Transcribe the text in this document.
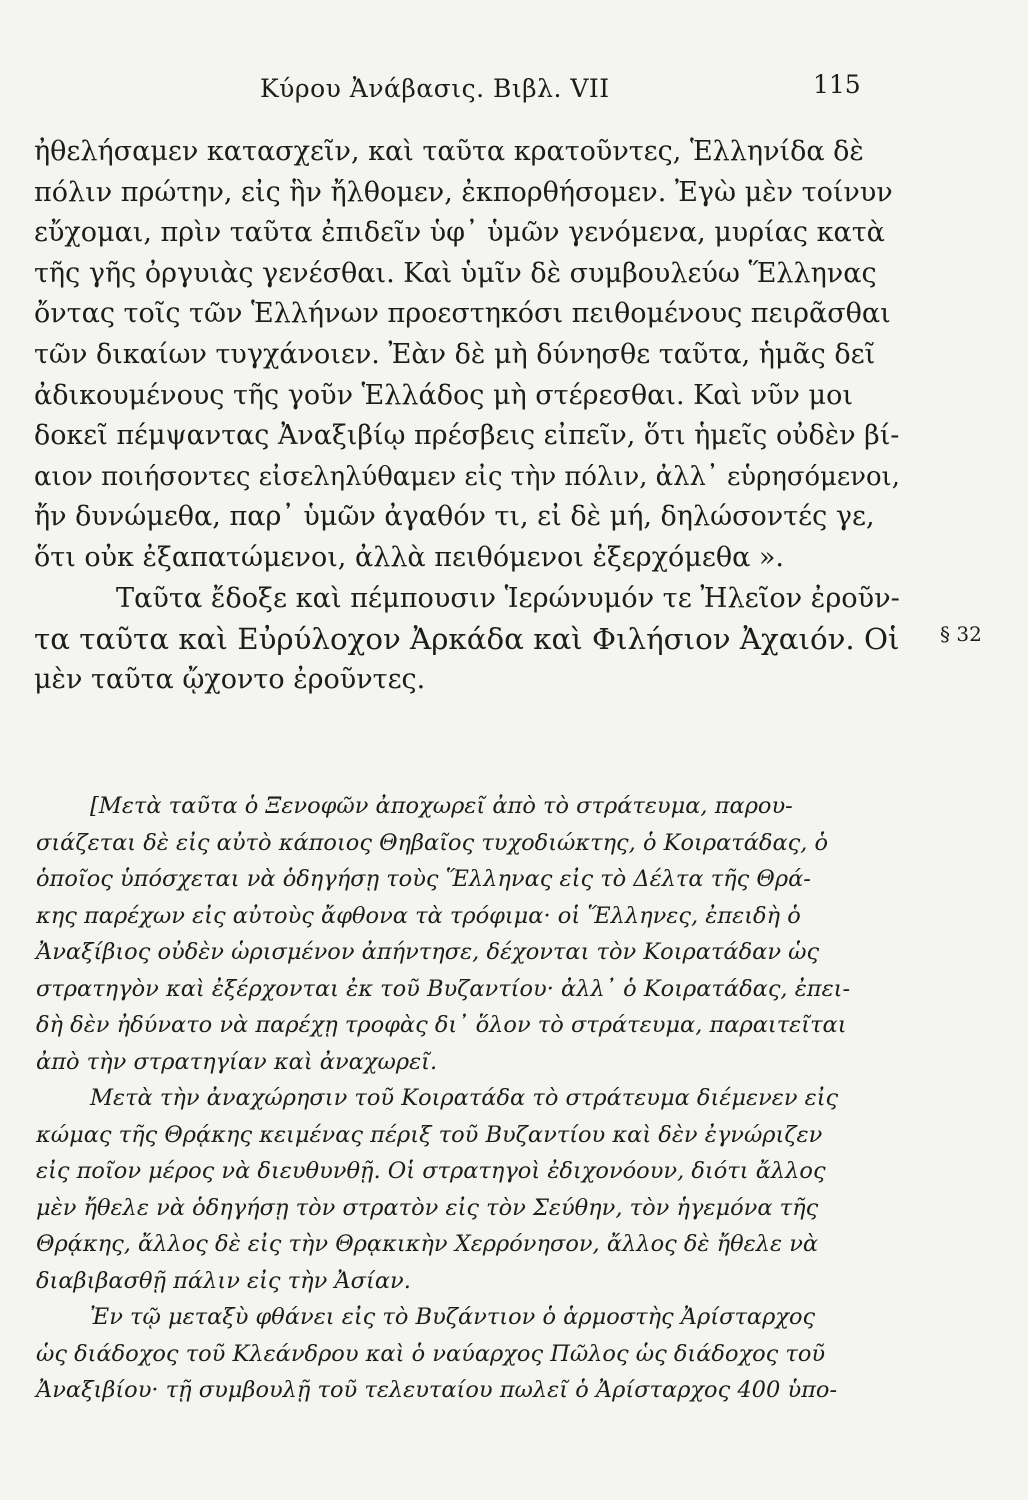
Κύρου Ἀνάβασις. Βιβλ. VII	115
ἠθελήσαμεν κατασχεῖν, καὶ ταῦτα κρατοῦντες, Ἑλληνίδα δὲ
πόλιν πρώτην, εἰς ἣν ἤλθομεν, ἐκπορθήσομεν. Ἐγὼ μὲν τοίνυν
εὔχομαι, πρὶν ταῦτα ἐπιδεῖν ὑφ᾽ ὑμῶν γενόμενα, μυρίας κατὰ
τῆς γῆς ὀργυιὰς γενέσθαι. Καὶ ὑμῖν δὲ συμβουλεύω Ἕλληνας
ὄντας τοῖς τῶν Ἑλλήνων προεστηκόσι πειθομένους πειρᾶσθαι
τῶν δικαίων τυγχάνοιεν. Ἐὰν δὲ μὴ δύνησθε ταῦτα, ἡμᾶς δεῖ
ἀδικουμένους τῆς γοῦν Ἑλλάδος μὴ στέρεσθαι. Καὶ νῦν μοι
δοκεῖ πέμψαντας Ἀναξιβίῳ πρέσβεις εἰπεῖν, ὅτι ἡμεῖς οὐδὲν βί-
αιον ποιήσοντες εἰσεληλύθαμεν εἰς τὴν πόλιν, ἀλλ᾽ εὑρησόμενοι,
ἤν δυνώμεθα, παρ᾽ ὑμῶν ἀγαθόν τι, εἰ δὲ μή, δηλώσοντές γε,
ὅτι οὐκ ἐξαπατώμενοι, ἀλλὰ πειθόμενοι ἐξερχόμεθα ».
Ταῦτα ἔδοξε καὶ πέμπουσιν Ἱερώνυμόν τε Ἠλεῖον ἐροῦν-
τα ταῦτα καὶ Εὐρύλοχον Ἀρκάδα καὶ Φιλήσιον Ἀχαιόν. Οἱ
μὲν ταῦτα ᾤχοντο ἐροῦντες.
§ 32
[Μετὰ ταῦτα ὁ Ξενοφῶν ἀποχωρεῖ ἀπὸ τὸ στράτευμα, παρου-
σιάζεται δὲ εἰς αὐτὸ κάποιος Θηβαῖος τυχοδιώκτης, ὁ Κοιρατάδας, ὁ
ὁποῖος ὑπόσχεται νὰ ὁδηγήσῃ τοὺς Ἕλληνας εἰς τὸ Δέλτα τῆς Θρά-
κης παρέχων εἰς αὐτοὺς ἄφθονα τὰ τρόφιμα· οἱ Ἕλληνες, ἐπειδὴ ὁ
Ἀναξίβιος οὐδὲν ὡρισμένον ἀπήντησε, δέχονται τὸν Κοιρατάδαν ὡς
στρατηγὸν καὶ ἐξέρχονται ἐκ τοῦ Βυζαντίου· ἀλλ᾽ ὁ Κοιρατάδας, ἐπει-
δὴ δὲν ἠδύνατο νὰ παρέχῃ τροφὰς δι᾽ ὅλον τὸ στράτευμα, παραιτεῖται
ἀπὸ τὴν στρατηγίαν καὶ ἀναχωρεῖ.
Μετὰ τὴν ἀναχώρησιν τοῦ Κοιρατάδα τὸ στράτευμα διέμενεν εἰς
κώμας τῆς Θρᾴκης κειμένας πέριξ τοῦ Βυζαντίου καὶ δὲν ἐγνώριζεν
εἰς ποῖον μέρος νὰ διευθυνθῇ. Οἱ στρατηγοὶ ἐδιχονόουν, διότι ἄλλος
μὲν ἤθελε νὰ ὁδηγήσῃ τὸν στρατὸν εἰς τὸν Σεύθην, τὸν ἡγεμόνα τῆς
Θρᾴκης, ἄλλος δὲ εἰς τὴν Θρᾳκικὴν Χερρόνησον, ἄλλος δὲ ἤθελε νὰ
διαβιβασθῇ πάλιν εἰς τὴν Ἀσίαν.
Ἐν τῷ μεταξὺ φθάνει εἰς τὸ Βυζάντιον ὁ ἁρμοστὴς Ἀρίσταρχος
ὡς διάδοχος τοῦ Κλεάνδρου καὶ ὁ ναύαρχος Πῶλος ὡς διάδοχος τοῦ
Ἀναξιβίου· τῇ συμβουλῇ τοῦ τελευταίου πωλεῖ ὁ Ἀρίσταρχος 400 ὑπο-
